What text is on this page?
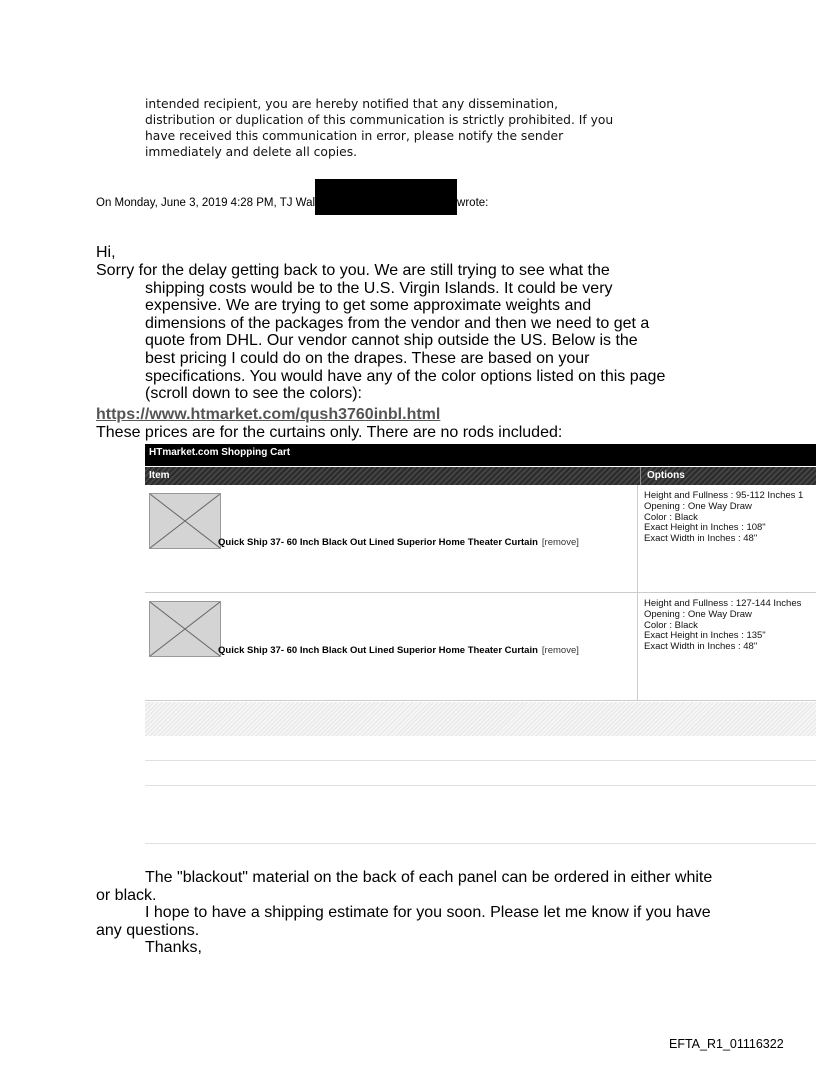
intended recipient, you are hereby notified that any dissemination,
distribution or duplication of this communication is strictly prohibited. If you
have received this communication in error, please notify the sender
immediately and delete all copies.
On Monday, June 3, 2019 4:28 PM, TJ Wal	wrote:
Hi,
Sorry for the delay getting back to you. We are still trying to see what the
shipping costs would be to the U.S. Virgin Islands. It could be very
expensive. We are trying to get some approximate weights and
dimensions of the packages from the vendor and then we need to get a
quote from DHL. Our vendor cannot ship outside the US. Below is the
best pricing I could do on the drapes. These are based on your
specifications. You would have any of the color options listed on this page
(scroll down to see the colors):
https://www.htmarket.com/qush3760inbl.html
These prices are for the curtains only. There are no rods included:
HTmarket.com Shopping Cart
Item	Options
Quick Ship 37- 60 Inch Black Out Lined Superior Home Theater Curtain [remove]
Height and Fullness : 95-112 Inches 1
Opening : One Way Draw
Color : Black
Exact Height in Inches : 108"
Exact Width in Inches : 48"
Quick Ship 37- 60 Inch Black Out Lined Superior Home Theater Curtain [remove]
Height and Fullness : 127-144 Inches
Opening : One Way Draw
Color : Black
Exact Height in Inches : 135"
Exact Width in Inches : 48"
The "blackout" material on the back of each panel can be ordered in either white
or black.
I hope to have a shipping estimate for you soon. Please let me know if you have
any questions.
Thanks,
EFTA_R1_01116322
